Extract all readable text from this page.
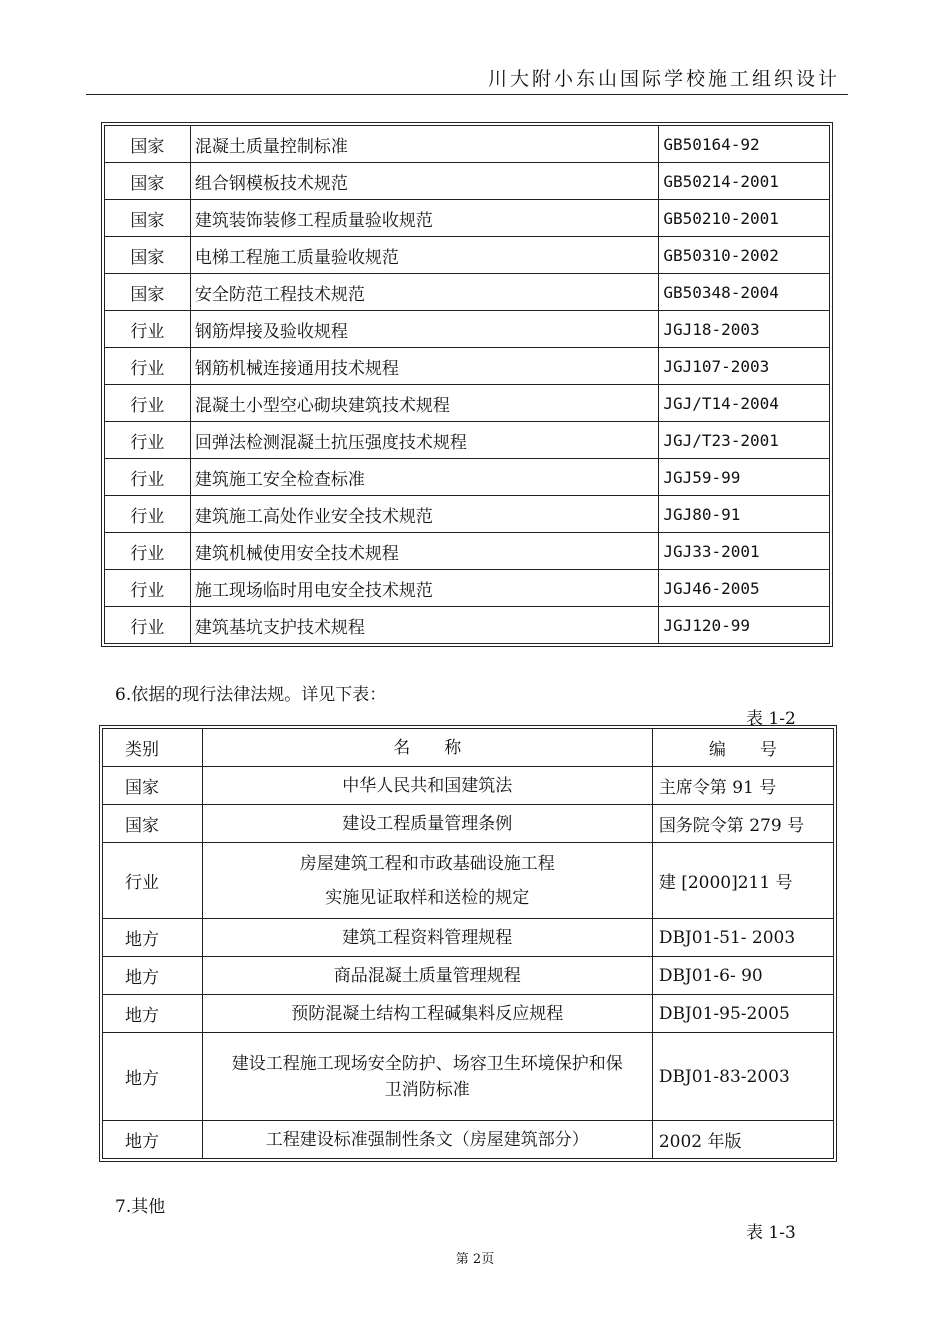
川大附小东山国际学校施工组织设计
国家	混凝土质量控制标准	GB50164-92
国家	组合钢模板技术规范	GB50214-2001
国家	建筑装饰装修工程质量验收规范	GB50210-2001
国家	电梯工程施工质量验收规范	GB50310-2002
国家	安全防范工程技术规范	GB50348-2004
行业	钢筋焊接及验收规程	JGJ18-2003
行业	钢筋机械连接通用技术规程	JGJ107-2003
行业	混凝土小型空心砌块建筑技术规程	JGJ/T14-2004
行业	回弹法检测混凝土抗压强度技术规程	JGJ/T23-2001
行业	建筑施工安全检查标准	JGJ59-99
行业	建筑施工高处作业安全技术规范	JGJ80-91
行业	建筑机械使用安全技术规程	JGJ33-2001
行业	施工现场临时用电安全技术规范	JGJ46-2005
行业	建筑基坑支护技术规程	JGJ120-99
6.依据的现行法律法规。详见下表：
表 1-2
类别	名　　称	编　　号
国家	中华人民共和国建筑法	主席令第 91 号
国家	建设工程质量管理条例	国务院令第 279 号
行业	房屋建筑工程和市政基础设施工程
实施见证取样和送检的规定	建 [2000]211 号
地方	建筑工程资料管理规程	DBJ01-51- 2003
地方	商品混凝土质量管理规程	DBJ01-6- 90
地方	预防混凝土结构工程碱集料反应规程	DBJ01-95-2005
地方	建设工程施工现场安全防护、场容卫生环境保护和保
卫消防标准	DBJ01-83-2003
地方	工程建设标准强制性条文（房屋建筑部分）	2002 年版
7.其他
表 1-3
第 2页
